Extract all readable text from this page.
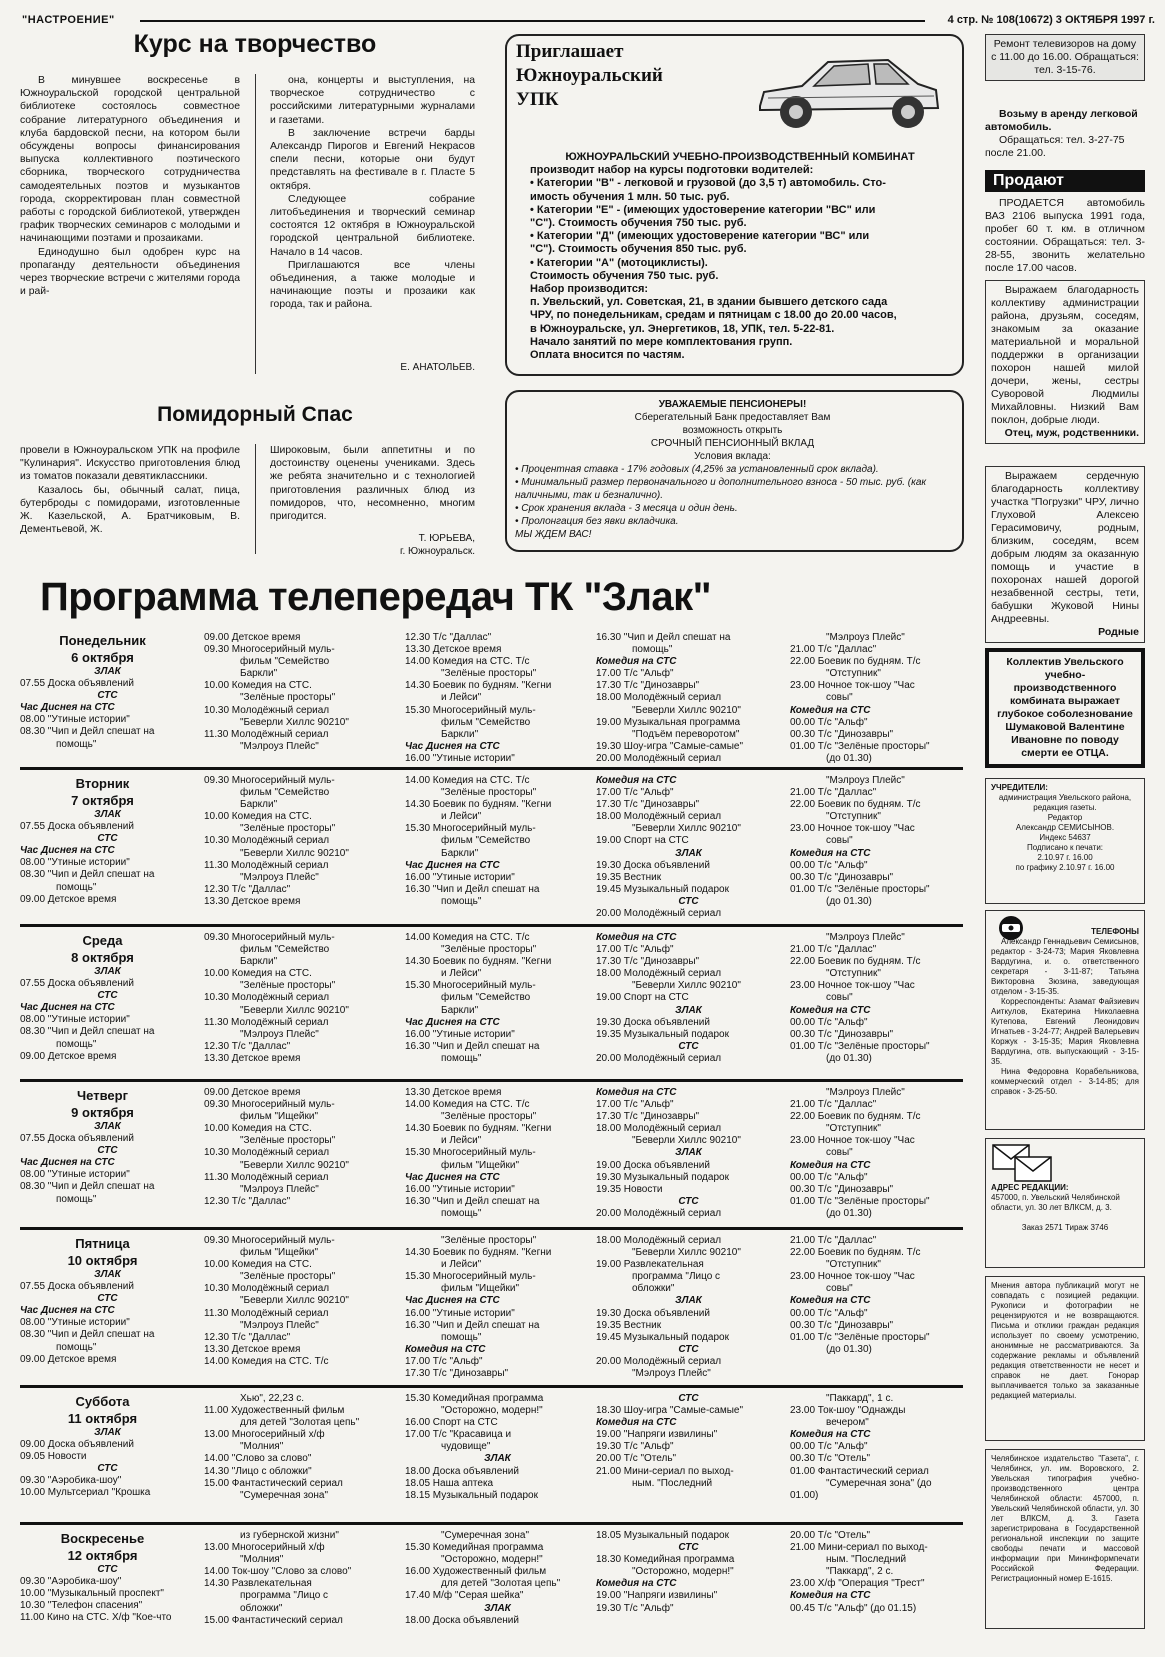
"НАСТРОЕНИЕ"	4 стр. № 108(10672) 3 ОКТЯБРЯ 1997 г.
Курс на творчество

В минувшее воскресенье в Южноуральской городской центральной библиотеке состоялось совместное собрание литературного объединения и клуба бардовской песни, на котором были обсуждены вопросы финансирования выпуска коллективного поэтического сборника, творческого сотрудничества самодеятельных поэтов и музыкантов города, скорректирован план совместной работы с городской библиотекой, утвержден график творческих семинаров с молодыми и начинающими поэтами и прозаиками.

Единодушно был одобрен курс на пропаганду деятельности объединения через творческие встречи с жителями города и рай-

она, концерты и выступления, на творческое сотрудничество с российскими литературными журналами и газетами.

В заключение встречи барды Александр Пирогов и Евгений Некрасов спели песни, которые они будут представлять на фестивале в г. Пласте 5 октября.

Следующее собрание литобъединения и творческий семинар состоятся 12 октября в Южноуральской городской центральной библиотеке. Начало в 14 часов.

Приглашаются все члены объединения, а также молодые и начинающие поэты и прозаики как города, так и района.

Е. АНАТОЛЬЕВ.
Помидорный Спас

провели в Южноуральском УПК на профиле "Кулинария". Искусство приготовления блюд из томатов показали девятиклассники.

Казалось бы, обычный салат, пица, бутерброды с помидорами, изготовленные Ж. Казельской, А. Братчиковым, В. Дементьевой, Ж.

Широковым, были аппетитны и по достоинству оценены учениками. Здесь же ребята значительно и с технологией приготовления различных блюд из помидоров, что, несомненно, многим пригодится.

Т. ЮРЬЕВА,
г. Южноуральск.
Приглашает
Южноуральский
УПК
ЮЖНОУРАЛЬСКИЙ УЧЕБНО-ПРОИЗВОДСТВЕННЫЙ КОМБИНАТ
производит набор на курсы подготовки водителей:
• Категории "В" - легковой и грузовой (до 3,5 т) автомобиль. Сто-
имость обучения 1 млн. 50 тыс. руб.
• Категории "Е" - (имеющих удостоверение категории "ВС" или
"С"). Стоимость обучения 750 тыс. руб.
• Категории "Д" (имеющих удостоверение категории "ВС" или
"С"). Стоимость обучения 850 тыс. руб.
• Категории "А" (мотоциклисты).
Стоимость обучения 750 тыс. руб.
Набор производится:
п. Увельский, ул. Советская, 21, в здании бывшего детского сада
ЧРУ, по понедельникам, средам и пятницам с 18.00 до 20.00 часов,
в Южноуральске, ул. Энергетиков, 18, УПК, тел. 5-22-81.
Начало занятий по мере комплектования групп.
Оплата вносится по частям.
УВАЖАЕМЫЕ ПЕНСИОНЕРЫ!
Сберегательный Банк предоставляет Вам
возможность открыть
СРОЧНЫЙ ПЕНСИОННЫЙ ВКЛАД
Условия вклада:
• Процентная ставка - 17% годовых (4,25% за установленный срок вклада).
• Минимальный размер первоначального и дополнительного взноса - 50 тыс. руб. (как наличными, так и безналично).
• Срок хранения вклада - 3 месяца и один день.
• Пролонгация без явки вкладчика.
МЫ ЖДЕМ ВАС!
Программа телепередач ТК "Злак"
Понедельник
6 октября
ЗЛАК
07.55 Доска объявлений
СТС
Час Диснея на СТС
08.00 "Утиные истории"
08.30 "Чип и Дейл спешат на
помощь"
09.00 Детское время
09.30 Многосерийный муль-
фильм "Семейство
Баркли"
10.00 Комедия на СТС.
"Зелёные просторы"
10.30 Молодёжный сериал
"Беверли Хиллс 90210"
11.30 Молодёжный сериал
"Мэлроуз Плейс"
12.30 Т/с "Даллас"
13.30 Детское время
14.00 Комедия на СТС. Т/с
"Зелёные просторы"
14.30 Боевик по будням. "Кегни
и Лейси"
15.30 Многосерийный муль-
фильм "Семейство
Баркли"
Час Диснея на СТС
16.00 "Утиные истории"
16.30 "Чип и Дейл спешат на
помощь"
Комедия на СТС
17.00 Т/с "Альф"
17.30 Т/с "Динозавры"
18.00 Молодёжный сериал
"Беверли Хиллс 90210"
19.00 Музыкальная программа
"Подъём переворотом"
19.30 Шоу-игра "Самые-самые"
20.00 Молодёжный сериал
"Мэлроуз Плейс"
21.00 Т/с "Даллас"
22.00 Боевик по будням. Т/с
"Отступник"
23.00 Ночное ток-шоу "Час
совы"
Комедия на СТС
00.00 Т/с "Альф"
00.30 Т/с "Динозавры"
01.00 Т/с "Зелёные просторы"
(до 01.30)
Вторник
7 октября
ЗЛАК
07.55 Доска объявлений
СТС
Час Диснея на СТС
08.00 "Утиные истории"
08.30 "Чип и Дейл спешат на
помощь"
09.00 Детское время
09.30 Многосерийный муль-
фильм "Семейство
Баркли"
10.00 Комедия на СТС.
"Зелёные просторы"
10.30 Молодёжный сериал
"Беверли Хиллс 90210"
11.30 Молодёжный сериал
"Мэлроуз Плейс"
12.30 Т/с "Даллас"
13.30 Детское время
14.00 Комедия на СТС. Т/с
"Зелёные просторы"
14.30 Боевик по будням. "Кегни
и Лейси"
15.30 Многосерийный муль-
фильм "Семейство
Баркли"
Час Диснея на СТС
16.00 "Утиные истории"
16.30 "Чип и Дейл спешат на
помощь"
Комедия на СТС
17.00 Т/с "Альф"
17.30 Т/с "Динозавры"
18.00 Молодёжный сериал
"Беверли Хиллс 90210"
19.00 Спорт на СТС
ЗЛАК
19.30 Доска объявлений
19.35 Вестник
19.45 Музыкальный подарок
СТС
20.00 Молодёжный сериал
"Мэлроуз Плейс"
21.00 Т/с "Даллас"
22.00 Боевик по будням. Т/с
"Отступник"
23.00 Ночное ток-шоу "Час
совы"
Комедия на СТС
00.00 Т/с "Альф"
00.30 Т/с "Динозавры"
01.00 Т/с "Зелёные просторы"
(до 01.30)
Среда
8 октября
ЗЛАК
07.55 Доска объявлений
СТС
Час Диснея на СТС
08.00 "Утиные истории"
08.30 "Чип и Дейл спешат на
помощь"
09.00 Детское время
09.30 Многосерийный муль-
фильм "Семейство
Баркли"
10.00 Комедия на СТС.
"Зелёные просторы"
10.30 Молодёжный сериал
"Беверли Хиллс 90210"
11.30 Молодёжный сериал
"Мэлроуз Плейс"
12.30 Т/с "Даллас"
13.30 Детское время
14.00 Комедия на СТС. Т/с
"Зелёные просторы"
14.30 Боевик по будням. "Кегни
и Лейси"
15.30 Многосерийный муль-
фильм "Семейство
Баркли"
Час Диснея на СТС
16.00 "Утиные истории"
16.30 "Чип и Дейл спешат на
помощь"
Комедия на СТС
17.00 Т/с "Альф"
17.30 Т/с "Динозавры"
18.00 Молодёжный сериал
"Беверли Хиллс 90210"
19.00 Спорт на СТС
ЗЛАК
19.30 Доска объявлений
19.35 Музыкальный подарок
СТС
20.00 Молодёжный сериал
"Мэлроуз Плейс"
21.00 Т/с "Даллас"
22.00 Боевик по будням. Т/с
"Отступник"
23.00 Ночное ток-шоу "Час
совы"
Комедия на СТС
00.00 Т/с "Альф"
00.30 Т/с "Динозавры"
01.00 Т/с "Зелёные просторы"
(до 01.30)
Четверг
9 октября
ЗЛАК
07.55 Доска объявлений
СТС
Час Диснея на СТС
08.00 "Утиные истории"
08.30 "Чип и Дейл спешат на
помощь"
09.00 Детское время
09.30 Многосерийный муль-
фильм "Ищейки"
10.00 Комедия на СТС.
"Зелёные просторы"
10.30 Молодёжный сериал
"Беверли Хиллс 90210"
11.30 Молодёжный сериал
"Мэлроуз Плейс"
12.30 Т/с "Даллас"
13.30 Детское время
14.00 Комедия на СТС. Т/с
"Зелёные просторы"
14.30 Боевик по будням. "Кегни
и Лейси"
15.30 Многосерийный муль-
фильм "Ищейки"
Час Диснея на СТС
16.00 "Утиные истории"
16.30 "Чип и Дейл спешат на
помощь"
Комедия на СТС
17.00 Т/с "Альф"
17.30 Т/с "Динозавры"
18.00 Молодёжный сериал
"Беверли Хиллс 90210"
ЗЛАК
19.00 Доска объявлений
19.30 Музыкальный подарок
19.35 Новости
СТС
20.00 Молодёжный сериал
"Мэлроуз Плейс"
21.00 Т/с "Даллас"
22.00 Боевик по будням. Т/с
"Отступник"
23.00 Ночное ток-шоу "Час
совы"
Комедия на СТС
00.00 Т/с "Альф"
00.30 Т/с "Динозавры"
01.00 Т/с "Зелёные просторы"
(до 01.30)
Пятница
10 октября
ЗЛАК
07.55 Доска объявлений
СТС
Час Диснея на СТС
08.00 "Утиные истории"
08.30 "Чип и Дейл спешат на
помощь"
09.00 Детское время
09.30 Многосерийный муль-
фильм "Ищейки"
10.00 Комедия на СТС.
"Зелёные просторы"
10.30 Молодёжный сериал
"Беверли Хиллс 90210"
11.30 Молодёжный сериал
"Мэлроуз Плейс"
12.30 Т/с "Даллас"
13.30 Детское время
14.00 Комедия на СТС. Т/с
"Зелёные просторы"
14.30 Боевик по будням. "Кегни
и Лейси"
15.30 Многосерийный муль-
фильм "Ищейки"
Час Диснея на СТС
16.00 "Утиные истории"
16.30 "Чип и Дейл спешат на
помощь"
Комедия на СТС
17.00 Т/с "Альф"
17.30 Т/с "Динозавры"
18.00 Молодёжный сериал
"Беверли Хиллс 90210"
19.00 Развлекательная
программа "Лицо с
обложки"
ЗЛАК
19.30 Доска объявлений
19.35 Вестник
19.45 Музыкальный подарок
СТС
20.00 Молодёжный сериал
"Мэлроуз Плейс"
21.00 Т/с "Даллас"
22.00 Боевик по будням. Т/с
"Отступник"
23.00 Ночное ток-шоу "Час
совы"
Комедия на СТС
00.00 Т/с "Альф"
00.30 Т/с "Динозавры"
01.00 Т/с "Зелёные просторы"
(до 01.30)
Суббота
11 октября
ЗЛАК
09.00 Доска объявлений
09.05 Новости
СТС
09.30 "Аэробика-шоу"
10.00 Мультсериал "Крошка
Хью", 22,23 с.
11.00 Художественный фильм
для детей "Золотая цепь"
13.00 Многосерийный х/ф
"Молния"
14.00 "Слово за слово"
14.30 "Лицо с обложки"
15.00 Фантастический сериал
"Сумеречная зона"
15.30 Комедийная программа
"Осторожно, модерн!"
16.00 Спорт на СТС
17.00 Т/с "Красавица и
чудовище"
ЗЛАК
18.00 Доска объявлений
18.05 Наша аптека
18.15 Музыкальный подарок
СТС
18.30 Шоу-игра "Самые-самые"
Комедия на СТС
19.00 "Напряги извилины"
19.30 Т/с "Альф"
20.00 Т/с "Отель"
21.00 Мини-сериал по выход-
ным. "Последний
"Паккард", 1 с.
23.00 Ток-шоу "Однажды
вечером"
Комедия на СТС
00.00 Т/с "Альф"
00.30 Т/с "Отель"
01.00 Фантастический сериал
"Сумеречная зона" (до
01.00)
Воскресенье
12 октября
СТС
09.30 "Аэробика-шоу"
10.00 "Музыкальный проспект"
10.30 "Телефон спасения"
11.00 Кино на СТС. Х/ф "Кое-что
из губернской жизни"
13.00 Многосерийный х/ф
"Молния"
14.00 Ток-шоу "Слово за слово"
14.30 Развлекательная
программа "Лицо с
обложки"
15.00 Фантастический сериал
"Сумеречная зона"
15.30 Комедийная программа
"Осторожно, модерн!"
16.00 Художественный фильм
для детей "Золотая цепь"
17.40 М/ф "Серая шейка"
ЗЛАК
18.00 Доска объявлений
18.05 Музыкальный подарок
СТС
18.30 Комедийная программа
"Осторожно, модерн!"
Комедия на СТС
19.00 "Напряги извилины"
19.30 Т/с "Альф"
20.00 Т/с "Отель"
21.00 Мини-сериал по выход-
ным. "Последний
"Паккард", 2 с.
23.00 Х/ф "Операция "Трест"
Комедия на СТС
00.45 Т/с "Альф" (до 01.15)
Ремонт телевизоров на дому с 11.00 до 16.00. Обращаться: тел. 3-15-76.
Возьму в аренду легковой автомобиль.
Обращаться: тел. 3-27-75 после 21.00.
Продают
ПРОДАЕТСЯ автомобиль ВАЗ 2106 выпуска 1991 года, пробег 60 т. км. в отличном состоянии. Обращаться: тел. 3-28-55, звонить желательно после 17.00 часов.
Выражаем благодарность коллективу администрации района, друзьям, соседям, знакомым за оказание материальной и моральной поддержки в организации похорон нашей милой дочери, жены, сестры Суворовой Людмилы Михайловны. Низкий Вам поклон, добрые люди.
Отец, муж, родственники.
Выражаем сердечную благодарность коллективу участка "Погрузки" ЧРУ, лично Глуховой Алексею Герасимовичу, родным, близким, соседям, всем добрым людям за оказанную помощь и участие в похоронах нашей дорогой незабвенной сестры, тети, бабушки Жуковой Нины Андреевны.
Родные
Коллектив Увельского учебно-производственного комбината выражает глубокое соболезнование Шумаковой Валентине Ивановне по поводу смерти ее ОТЦА.
УЧРЕДИТЕЛИ:
администрация Увельского района, редакция газеты.
Редактор
Александр СЕМИСЫНОВ.
Индекс 54637
Подписано к печати:
2.10.97 г. 16.00
по графику 2.10.97 г. 16.00
ТЕЛЕФОНЫ
Александр Геннадьевич Семисынов, редактор - 3-24-73; Мария Яковлевна Вардугина, и. о. ответственного секретаря - 3-11-87; Татьяна Викторовна Зюзина, заведующая отделом - 3-15-35.
Корреспонденты: Азамат Файзиевич Аиткулов, Екатерина Николаевна Кутепова, Евгений Леонидович Игнатьев - 3-24-77; Андрей Валерьевич Коржук - 3-15-35; Мария Яковлевна Вардугина, отв. выпускающий - 3-15-35.
Нина Федоровна Корабельникова, коммерческий отдел - 3-14-85; для справок - 3-25-50.
АДРЕС РЕДАКЦИИ:
457000, п. Увельский Челябинской области, ул. 30 лет ВЛКСМ, д. 3.
Заказ 2571 Тираж 3746
Мнения автора публикаций могут не совпадать с позицией редакции. Рукописи и фотографии не рецензируются и не возвращаются. Письма и отклики граждан редакция использует по своему усмотрению, анонимные не рассматриваются. За содержание рекламы и объявлений редакция ответственности не несет и справок не дает. Гонорар выплачивается только за заказанные редакцией материалы.
Челябинское издательство "Газета", г. Челябинск, ул. им. Воровского, 2. Увельская типография учебно-производственного центра Челябинской области: 457000, п. Увельский Челябинской области, ул. 30 лет ВЛКСМ, д. 3. Газета зарегистрирована в Государственной региональной инспекции по защите свободы печати и массовой информации при Мининформпечати Российской Федерации. Регистрационный номер Е-1615.
